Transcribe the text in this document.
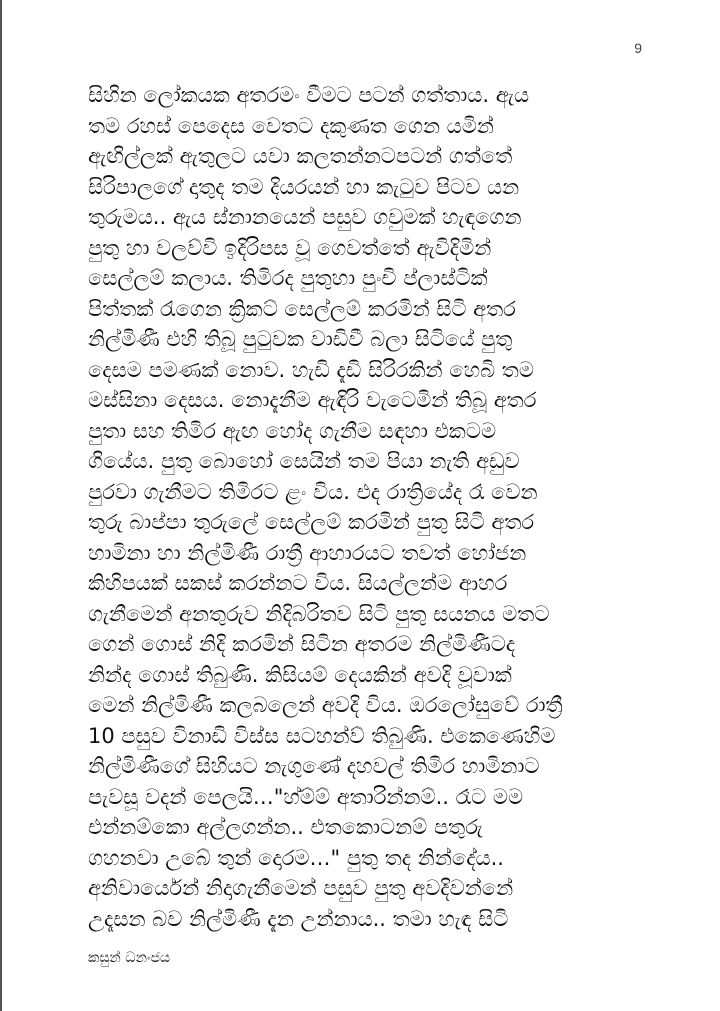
9
සිහින ලෝකයක අතරමං වීමට පටන් ගත්තාය. ඇය
තම රහස් පෙදෙස වෙතට දකුණත ගෙන යමින්
ඇඟිල්ලක් ඇතුලට යවා කලතන්නටපටන් ගත්තේ
සිරිපාලගේ දාතුද තම දියරයන් හා කැටුව පිටව යන
තුරුමය.. ඇය ස්නානයෙන් පසුව ගවුමක් හැඳගෙන
පුතු හා වලව්වි ඉදිරිපස වූ ගෙවත්තේ ඇවිදිමින්
සෙල්ලම් කලාය. තිමිරද පුතුහා පුංචි ප්ලාස්ටික්
පිත්තක් රැගෙන ක්‍රිකට් සෙල්ලම් කරමින් සිටි අතර
නිල්මිණී එහි තිබූ පුටුවක වාඩිවී බලා සිටියේ පුතු
දෙසම පමණක් නොව. හැඩි දැඩි සිරිරකින් හෙබි තම
මස්සිනා දෙසය. නොදැනීම ඇඳිරි වැටෙමින් තිබූ අතර
පුතා සහ තිමිර ඇඟ හෝද ගැනීම සඳහා එකටම
ගියේය. පුතු බොහෝ සෙයින් තම පියා නැති අඩුව
පුරවා ගැනීමට තිමිරට ළං විය. එද රාත්‍රියේද රෑ වෙන
තුරු බාප්පා තුරුලේ සෙල්ලම් කරමින් පුතු සිටි අතර
හාමිනා හා නිල්මිණී රාත්‍රී ආහාරයට තවත් හෝජන
කිහිපයක් සකස් කරන්නට විය. සියල්ලන්ම ආහර
ගැනීමෙන් අනතුරුව නිදිබරිතව සිටි පුතු සයනය මතට
ගෙන් ගොස් නිදි කරමින් සිටින අතරම නිල්මිණීටද
නින්ද ගොස් තිබුණි. කිසියම් දෙයකින් අවදි වූවාක්
මෙන් නිල්මිණී කලබලෙන් අවදි විය. ඔරලෝසුවේ රාත්‍රී
10 පසුව විනාඩි විස්ස සටහන්ව් තිබුණි. එකෙණෙහිම
නිල්මිණීගේ සිහියට නැගුණේ දහවල් තිමිර හාමිනාට
පැවසූ වදන් පෙලයි…"හ්ම්ම් අතාරින්නම්.. රෑට මම
එන්නම්කො අල්ලගන්න.. එතකොටනම් පතුරු
ගහනවා උබේ තුන් දොරම…" පුතු තද නින්දේය..
අනිවාර්යෙන් නිදාගැනීමෙන් පසුව පුතු අවදිවන්නේ
උදෑසන බව නිල්මිණී දැන උන්නාය.. තමා හැඳ සිටි
කසුන් ධනංජය
